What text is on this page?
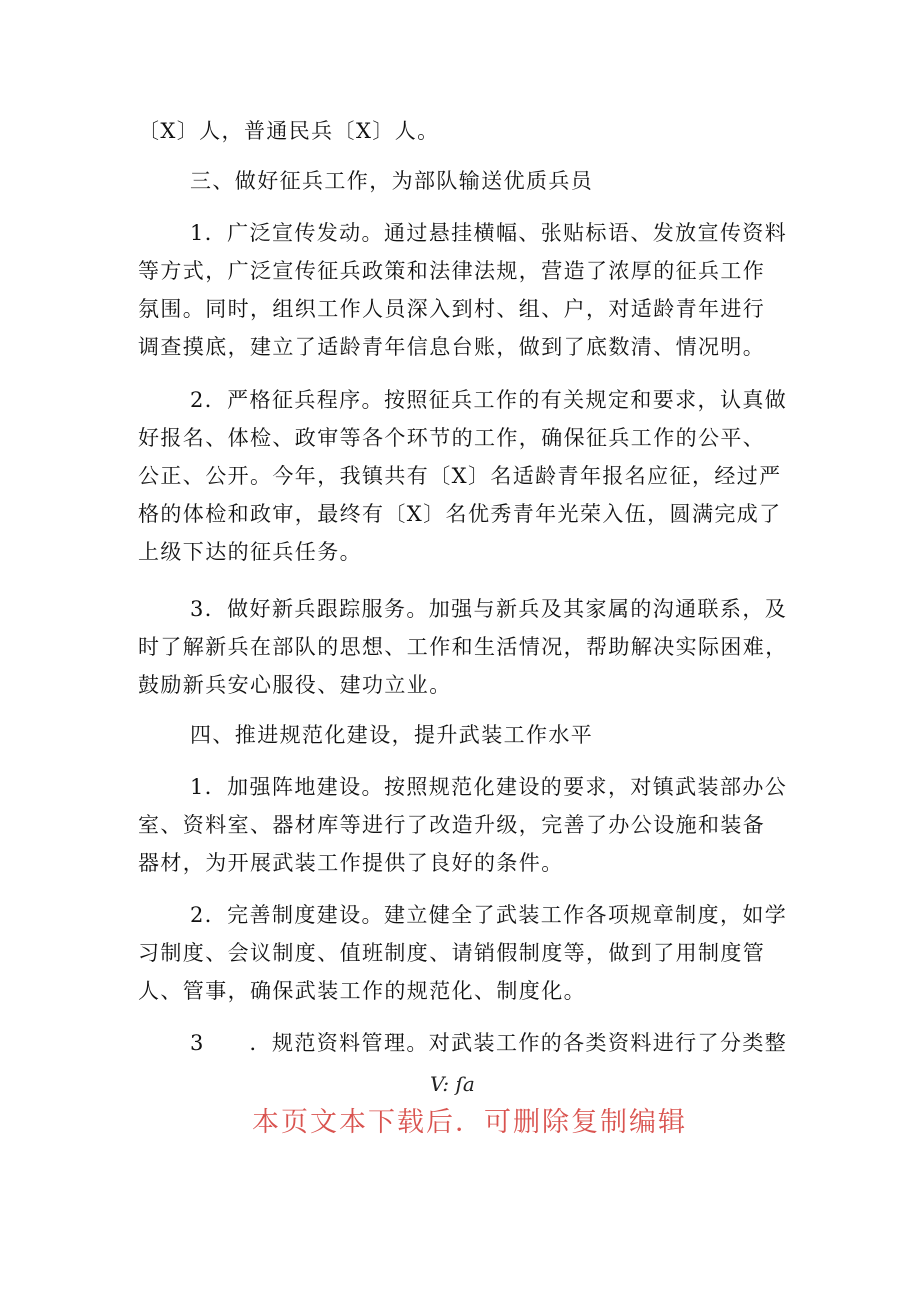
〔X〕人，普通民兵〔X〕人。

三、做好征兵工作，为部队输送优质兵员

1．广泛宣传发动。通过悬挂横幅、张贴标语、发放宣传资料
等方式，广泛宣传征兵政策和法律法规，营造了浓厚的征兵工作
氛围。同时，组织工作人员深入到村、组、户，对适龄青年进行
调查摸底，建立了适龄青年信息台账，做到了底数清、情况明。

2．严格征兵程序。按照征兵工作的有关规定和要求，认真做
好报名、体检、政审等各个环节的工作，确保征兵工作的公平、
公正、公开。今年，我镇共有〔X〕名适龄青年报名应征，经过严
格的体检和政审，最终有〔X〕名优秀青年光荣入伍，圆满完成了
上级下达的征兵任务。

3．做好新兵跟踪服务。加强与新兵及其家属的沟通联系，及
时了解新兵在部队的思想、工作和生活情况，帮助解决实际困难，
鼓励新兵安心服役、建功立业。

四、推进规范化建设，提升武装工作水平

1．加强阵地建设。按照规范化建设的要求，对镇武装部办公
室、资料室、器材库等进行了改造升级，完善了办公设施和装备
器材，为开展武装工作提供了良好的条件。

2．完善制度建设。建立健全了武装工作各项规章制度，如学
习制度、会议制度、值班制度、请销假制度等，做到了用制度管
人、管事，确保武装工作的规范化、制度化。

3　　．规范资料管理。对武装工作的各类资料进行了分类整

V: ſa
本页文本下载后．可删除复制编辑
